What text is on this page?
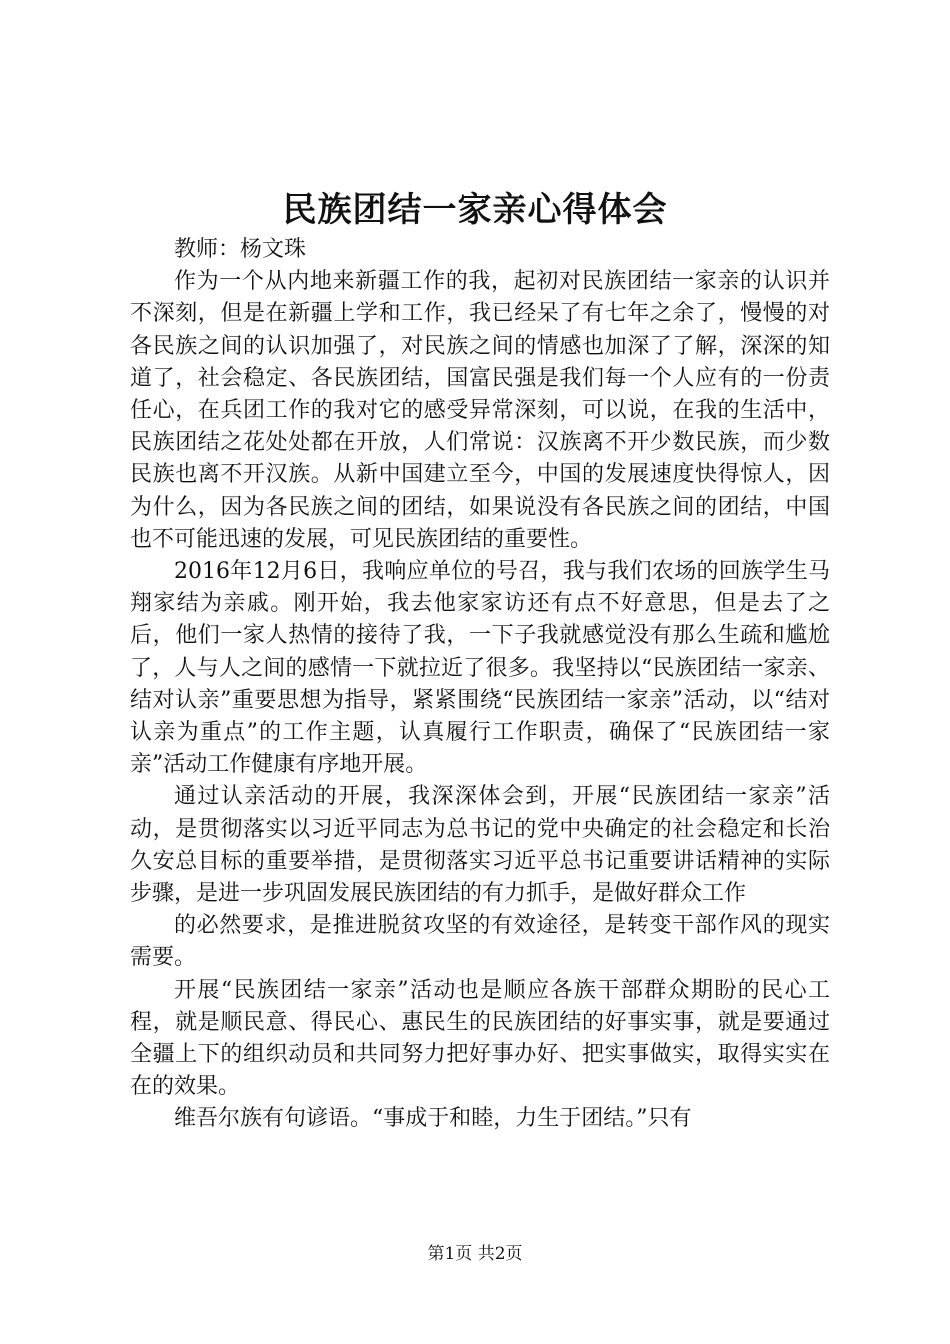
民族团结一家亲心得体会

教师：杨文珠

作为一个从内地来新疆工作的我，起初对民族团结一家亲的认识并不深刻，但是在新疆上学和工作，我已经呆了有七年之余了，慢慢的对各民族之间的认识加强了，对民族之间的情感也加深了了解，深深的知道了，社会稳定、各民族团结，国富民强是我们每一个人应有的一份责任心，在兵团工作的我对它的感受异常深刻，可以说，在我的生活中，民族团结之花处处都在开放，人们常说：汉族离不开少数民族，而少数民族也离不开汉族。从新中国建立至今，中国的发展速度快得惊人，因为什么，因为各民族之间的团结，如果说没有各民族之间的团结，中国也不可能迅速的发展，可见民族团结的重要性。

2016年12月6日，我响应单位的号召，我与我们农场的回族学生马翔家结为亲戚。刚开始，我去他家家访还有点不好意思，但是去了之后，他们一家人热情的接待了我，一下子我就感觉没有那么生疏和尴尬了，人与人之间的感情一下就拉近了很多。我坚持以“民族团结一家亲、结对认亲”重要思想为指导，紧紧围绕“民族团结一家亲”活动，以“结对认亲为重点”的工作主题，认真履行工作职责，确保了“民族团结一家亲”活动工作健康有序地开展。

通过认亲活动的开展，我深深体会到，开展“民族团结一家亲”活动，是贯彻落实以习近平同志为总书记的党中央确定的社会稳定和长治久安总目标的重要举措，是贯彻落实习近平总书记重要讲话精神的实际步骤，是进一步巩固发展民族团结的有力抓手，是做好群众工作

的必然要求，是推进脱贫攻坚的有效途径，是转变干部作风的现实需要。

开展“民族团结一家亲”活动也是顺应各族干部群众期盼的民心工程，就是顺民意、得民心、惠民生的民族团结的好事实事，就是要通过全疆上下的组织动员和共同努力把好事办好、把实事做实，取得实实在在的效果。

维吾尔族有句谚语。“事成于和睦，力生于团结。”只有

第1页 共2页
